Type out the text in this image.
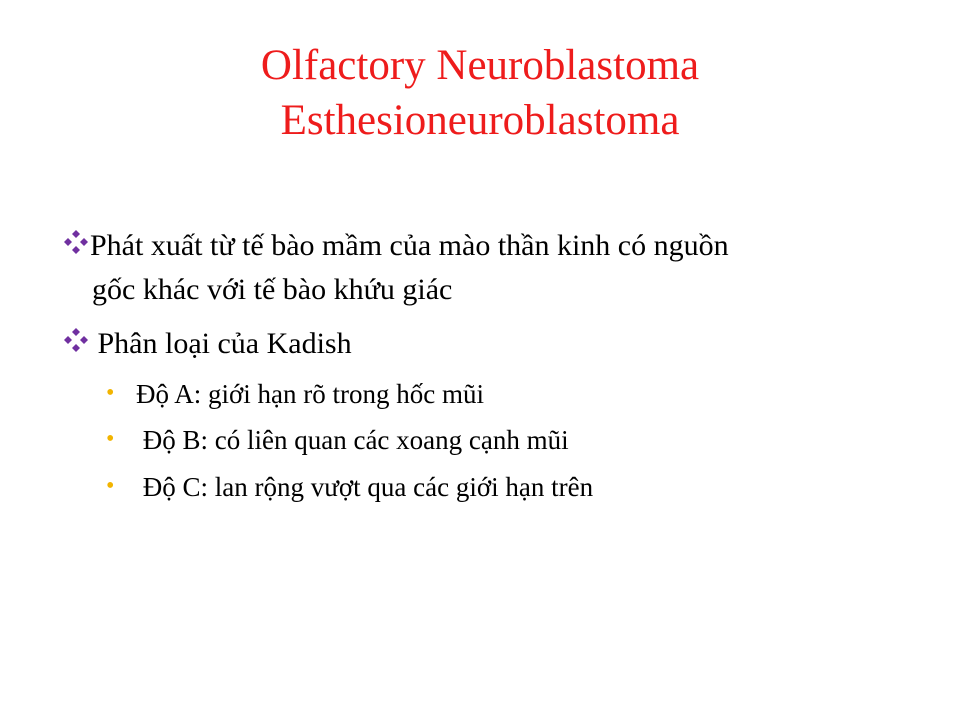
Olfactory Neuroblastoma
Esthesioneuroblastoma
Phát xuất từ tế bào mầm của mào thần kinh có nguồn
gốc khác với tế bào khứu giác
Phân loại của Kadish
• Độ A: giới hạn rõ trong hốc mũi
• Độ B: có liên quan các xoang cạnh mũi
• Độ C: lan rộng vượt qua các giới hạn trên
